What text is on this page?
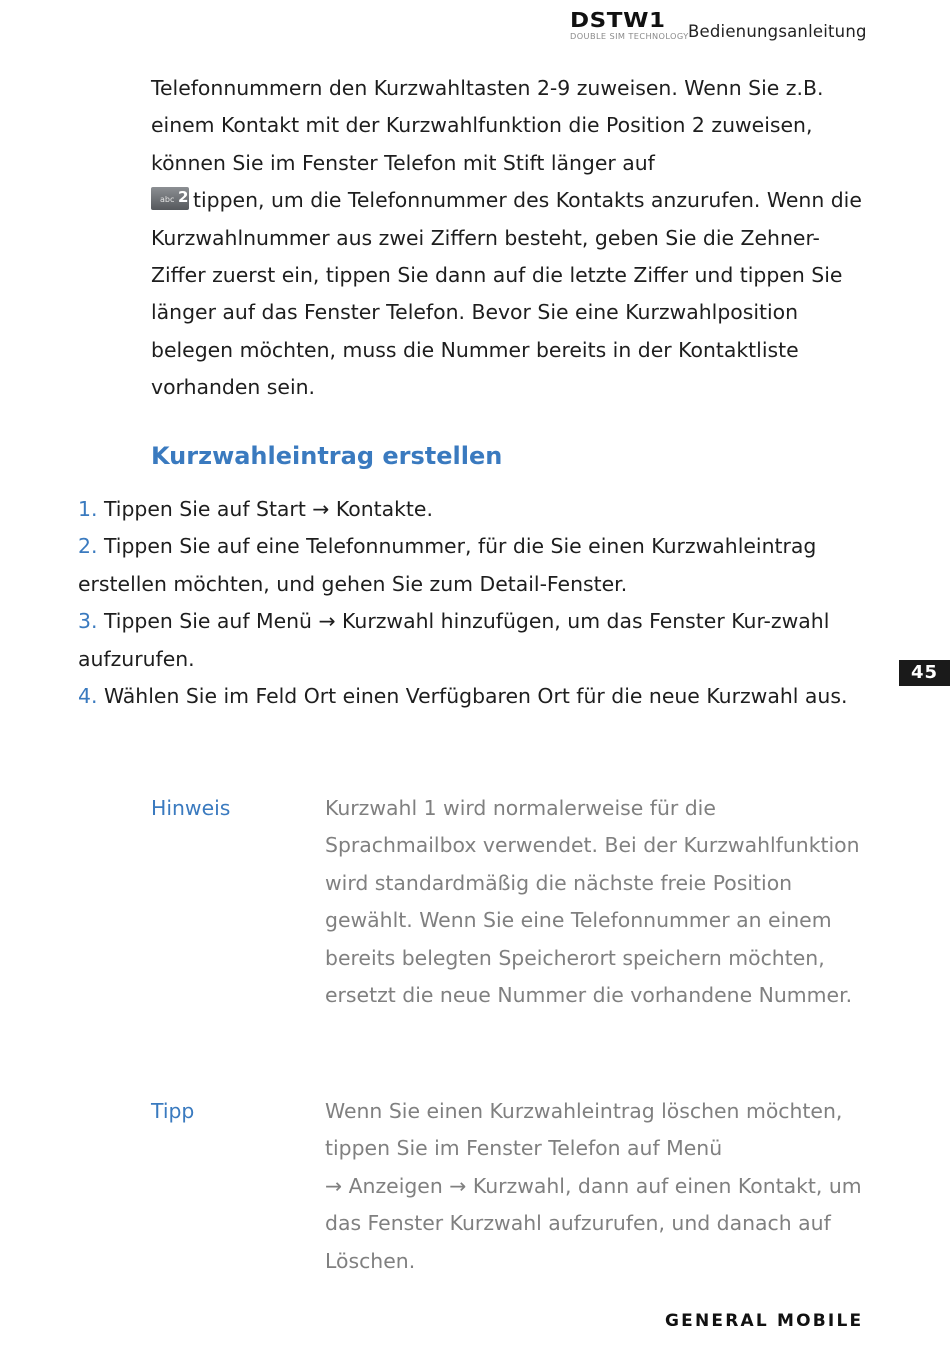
DSTW1
DOUBLE SIM TECHNOLOGY Bedienungsanleitung

Telefonnummern den Kurzwahltasten 2-9 zuweisen. Wenn Sie z.B. einem Kontakt mit der Kurzwahlfunktion die Position 2 zuweisen, können Sie im Fenster Telefon mit Stift länger auf

abc 2 tippen, um die Telefonnummer des Kontakts anzurufen. Wenn die Kurzwahlnummer aus zwei Ziffern besteht, geben Sie die Zehner-Ziffer zuerst ein, tippen Sie dann auf die letzte Ziffer und tippen Sie länger auf das Fenster Telefon. Bevor Sie eine Kurzwahlposition belegen möchten, muss die Nummer bereits in der Kontaktliste vorhanden sein.

Kurzwahleintrag erstellen
1. Tippen Sie auf Start → Kontakte.
2. Tippen Sie auf eine Telefonnummer, für die Sie einen Kurzwahleintrag erstellen möchten, und gehen Sie zum Detail-Fenster.
3. Tippen Sie auf Menü → Kurzwahl hinzufügen, um das Fenster Kur-zwahl aufzurufen.
4. Wählen Sie im Feld Ort einen Verfügbaren Ort für die neue Kurzwahl aus.
Hinweis	Kurzwahl 1 wird normalerweise für die Sprachmailbox verwendet. Bei der Kurzwahlfunktion wird standardmäßig die nächste freie Position gewählt. Wenn Sie eine Telefonnummer an einem bereits belegten Speicherort speichern möchten, ersetzt die neue Nummer die vorhandene Nummer.
Tipp	Wenn Sie einen Kurzwahleintrag löschen möchten, tippen Sie im Fenster Telefon auf Menü
→ Anzeigen → Kurzwahl, dann auf einen Kontakt, um das Fenster Kurzwahl aufzurufen, und danach auf Löschen.
45
GENERAL MOBILE
